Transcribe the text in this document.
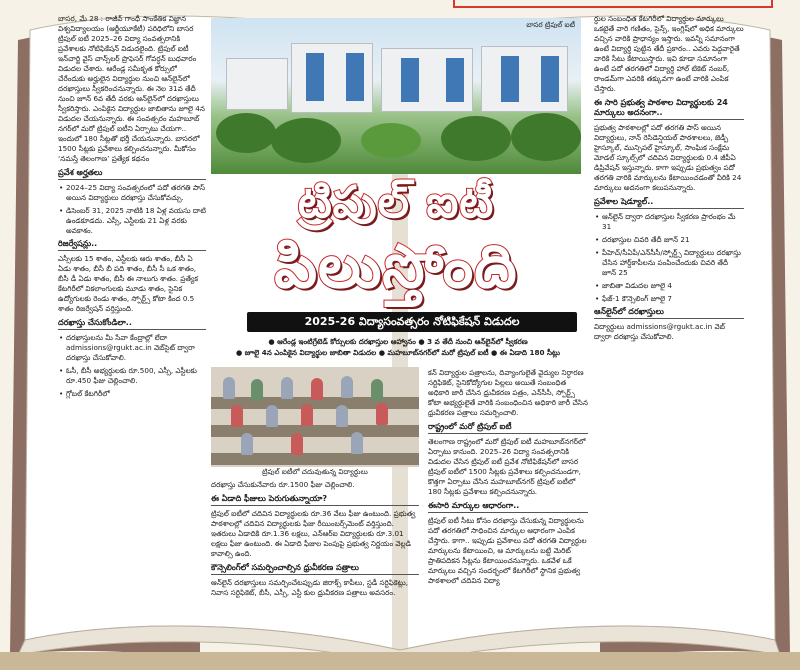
బాసర, మే 28 : రాజీవ్ గాంధీ సాంకేతిక విజ్ఞాన విశ్వవిద్యాలయం (ఆర్జీయూకేటీ) పరిధిలోని బాసర ట్రిపుల్ ఐటీ 2025–26 విద్యా సంవత్సరానికి ప్రవేశాలకు నోటిఫికేషన్ విడుదలైంది. ట్రిపుల్ ఐటీ ఇన్‌చార్జి వైస్ చాన్స్‌లర్ ప్రొఫెసర్ గోవర్ధన్ బుధవారం విడుదల చేశారు. ఆరేండ్ల సమీకృత కోర్సులో చేరేందుకు అర్హులైన విద్యార్థుల నుంచి ఆన్‌లైన్‌లో దరఖాస్తులు స్వీకరించనున్నారు. ఈ నెల 31వ తేదీ నుంచి జూన్ 6వ తేదీ వరకు ఆన్‌లైన్‌లో దరఖాస్తులు స్వీకరిస్తారు. ఎంపికైన విద్యార్థుల జాబితాను జూలై 4న విడుదల చేయనున్నారు. ఈ సంవత్సరం మహబూబ్ నగర్‌లో మరో ట్రిపుల్ ఐటీని ఏర్పాటు చేయగా.. ఇందులో 180 సీట్లతో భర్తీ చేయనున్నారు. బాసరలో 1500 సీట్లకు ప్రవేశాలు కల్పించనున్నారు. మీకోసం ‘నమస్తే తెలంగాణ’ ప్రత్యేక కథనం

ప్రవేశ అర్హతలు
• 2024–25 విద్యా సంవత్సరంలో పదో తరగతి పాస్ అయిన విద్యార్థులు దరఖాస్తు చేసుకోవచ్చు.
• డిసెంబర్ 31, 2025 నాటికి 18 ఏళ్ల వయసు దాటి ఉండకూడదు. ఎస్సీ, ఎస్టీలకు 21 ఏళ్ల వరకు అవకాశం.
రిజర్వేషన్లు..

ఎస్సీలకు 15 శాతం, ఎస్టీలకు ఆరు శాతం, బీసీ ఏ ఏడు శాతం, బీసీ బీ పది శాతం, బీసీ సీ ఒక శాతం, బీసీ డీ ఏడు శాతం, బీసీ ఈ నాలుగు శాతం. ప్రత్యేక కేటగిరీలో వికలాంగులకు మూడు శాతం, సైనిక ఉద్యోగులకు రెండు శాతం, స్పోర్ట్స్ కోటా కింద 0.5 శాతం రిజర్వేషన్ వర్తిస్తుంది.

దరఖాస్తు చేసుకోండిలా..
• దరఖాస్తులను మీ సేవా కేంద్రాల్లో లేదా admissions@rgukt.ac.in వెబ్‌సైట్ ద్వారా దరఖాస్తు చేసుకోవాలి.
• ఓసీ, బీసీ అభ్యర్థులకు రూ.500, ఎస్సీ, ఎస్టీలకు రూ.450 ఫీజు చెల్లించాలి.
• గ్లోబల్ కేటగిరీలో
బాసర ట్రిపుల్ ఐటీ
ట్రిపుల్ ఐటీ
పిలుస్తోంది
2025-26 విద్యాసంవత్సరం నోటిఫికేషన్ విడుదల
● ఆరేండ్ల ఇంటిగ్రేటెడ్ కోర్సులకు దరఖాస్తుల ఆహ్వానం ● 3 వ తేదీ నుంచి ఆన్‌లైన్‌లో స్వీకరణ
● జూలై 4న ఎంపికైన విద్యార్థుల జాబితా విడుదల ● మహబూబ్‌నగర్‌లో మరో ట్రిపుల్ ఐటీ ● ఈ ఏడాది 180 సీట్లు
ట్రిపుల్ ఐటీలో చదువుతున్న విద్యార్థులు

దరఖాస్తు చేసుకునేవారు రూ.1500 ఫీజు చెల్లించాలి.

ఈ ఏడాది ఫీజులు పెరుగుతున్నాయా?

ట్రిపుల్ ఐటీలో చదివిన విద్యార్థులకు రూ.36 వేలు ఫీజు ఉంటుంది. ప్రభుత్వ పాఠశాలల్లో చదివిన విద్యార్థులకు ఫీజు రీయింబర్స్‌మెంట్ వర్తిస్తుంది. ఇతరులు ఏడాదికి రూ.1.36 లక్షలు, ఎన్‌ఆర్ఐ విద్యార్థులకు రూ.3.01 లక్షలు ఫీజు ఉంటుంది. ఈ ఏడాది ఫీజుల పెంపుపై ప్రభుత్వ నిర్ణయం వెల్లడి కావాల్సి ఉంది.

కౌన్సెలింగ్‌లో సమర్పించాల్సిన ధ్రువీకరణ పత్రాలు

ఆన్‌లైన్ దరఖాస్తులు సమర్పించేటప్పుడు జిరాక్స్ కాపీలు, స్టడీ సర్టిఫికెట్లు, నివాస సర్టిఫికెట్, బీసీ, ఎస్సీ, ఎస్టీ కుల ధ్రువీకరణ పత్రాలు అవసరం.

కన్ విద్యార్థుల పత్రాలను, దివ్యాంగులైతే వైద్యుల నిర్ధారణ సర్టిఫికెట్, సైనికోద్యోగుల పిల్లలు అయితే సంబంధిత అధికారి జారీ చేసిన ధ్రువీకరణ పత్రం, ఎన్‌సీసీ, స్పోర్ట్స్ కోటా అభ్యర్థులైతే వారికి సంబంధించిన అధికారి జారీ చేసిన ధ్రువీకరణ పత్రాలు సమర్పించాలి.

రాష్ట్రంలో మరో ట్రిపుల్ ఐటీ

తెలంగాణ రాష్ట్రంలో మరో ట్రిపుల్ ఐటీ మహబూబ్‌నగర్‌లో ఏర్పాటు కానుంది. 2025–26 విద్యా సంవత్సరానికి విడుదల చేసిన ట్రిపుల్ ఐటీ ప్రవేశ నోటిఫికేషన్‌లో బాసర ట్రిపుల్ ఐటీలో 1500 సీట్లకు ప్రవేశాలు కల్పించనుండగా, కొత్తగా ఏర్పాటు చేసిన మహబూబ్‌నగర్ ట్రిపుల్ ఐటీలో 180 సీట్లకు ప్రవేశాలు కల్పించనున్నారు.

ఈసారి మార్కుల ఆధారంగా..

ట్రిపుల్ ఐటీ సీటు కోసం దరఖాస్తు చేసుకున్న విద్యార్థులను పదో తరగతిలో సాధించిన మార్కుల ఆధారంగా ఎంపిక చేస్తారు. కాగా.. ఇప్పుడు ప్రవేశాలు పదో తరగతి విద్యార్థుల మార్కులను కేటాయించి, ఆ మార్కులను బట్టి మెరిట్ ప్రాతిపదికన సీట్లను కేటాయించనున్నారు. ఒకవేళ ఒకే మార్కులు వచ్చిన సందర్భంలో కేటగిరీలో స్థానిక ప్రభుత్వ పాఠశాలలో చదివిన విద్యా

ర్థుల సంబంధిత కేటగిరీలో విద్యార్థుల మార్కులు ఒకటైతే వారి గణితం, సైన్స్, ఇంగ్లిష్‌లో అధిక మార్కులు వచ్చిన వారికి ప్రాధాన్యం ఇస్తారు. ఇవన్నీ సమానంగా ఉంటే విద్యార్థి పుట్టిన తేదీ ప్రకారం.. ఎవరు పెద్దవారైతే వారికి సీటు కేటాయిస్తారు. ఇవి కూడా సమానంగా ఉంటే పదో తరగతిలో విద్యార్థి హాల్ టికెట్ నంబర్, రాండమ్‌గా ఎవరికి తక్కువగా ఉంటే వారికి ఎంపిక చేస్తారు.

ఈ సారి ప్రభుత్వ పాఠశాల విద్యార్థులకు 24 మార్కులు అదనంగా..

ప్రభుత్వ పాఠశాలల్లో పదో తరగతి పాస్ అయిన విద్యార్థులు, నాన్ రెసిడెన్షియల్ పాఠశాలలు, జెడ్పీ హైస్కూల్, మున్సిపల్ హైస్కూల్, సాంఘిక సంక్షేమ మోడల్ స్కూల్స్‌లో చదివిన విద్యార్థులకు 0.4 జీపీఏ డిప్రివేషన్ ఇస్తున్నారు. కాగా ఇప్పుడు ప్రభుత్వం పదో తరగతి వారికి మార్కులను కేటాయించడంతో వీరికి 24 మార్కులు అదనంగా కలుపనున్నారు.

ప్రవేశాల షెడ్యూల్..
• ఆన్‌లైన్ ద్వారా దరఖాస్తుల స్వీకరణ ప్రారంభం మే 31
• దరఖాస్తుల చివరి తేదీ జూన్ 21
• పీహెచ్/సీఏపీ/ఎన్‌సీసీ/స్పోర్ట్స్ విద్యార్థులు దరఖాస్తు చేసిన హార్డ్‌కాపీలను పంపించేందుకు చివరి తేదీ జూన్ 25
• జాబితా విడుదల జూలై 4
• ఫేజ్-1 కౌన్సెలింగ్ జూలై 7
ఆన్‌లైన్‌లో దరఖాస్తులు

విద్యార్థులు admissions@rgukt.ac.in వెబ్ ద్వారా దరఖాస్తు చేసుకోవాలి.
